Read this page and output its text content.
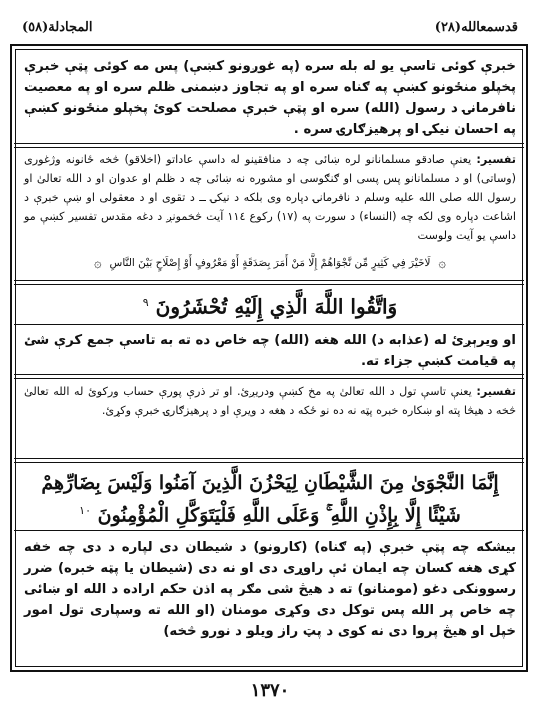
المجادلة(٥٨)	قدسمعالله(٢٨)
خبرې کوئی تاسې یو له بله سره (په غوږونو کښې) پس مه کوئی پټې خبرې پخپلو منځونو کښې په ګناه سره او په تجاوز دښمنی ظلم سره او په معصیت نافرمانۍ د رسول (الله) سره او پټې خبرې مصلحت کوئ پخپلو منځونو کښې په احسان نیکۍ او پرهیزګارۍ سره .
تفسیر: یعنې صادقو مسلمانانو لره ښائی چه د منافقینو له داسې عاداتو (اخلاقو) څخه ځانونه وژغوری (وساتی) او د مسلمانانو پس پسی او ګنګوسی او مشوره نه ښائی چه د ظلم او عدوان او د الله تعالیٰ او رسول الله صلی الله علیه وسلم د نافرمانۍ دپاره وی بلکه د نیکۍ ــ د تقوی او د معقولی او ښې خبرې د اشاعت دپاره وی لکه چه (النساء) د سورت په (١٧) رکوع ١١٤ آیت څخمونږ د دغه مقدس تفسیر کښې مو داسې یو آیت ولوست
۞
لَاخَيْرَ فِي كَثِيرٍ مِّن نَّجْوَاهُمْ إِلَّا مَنْ أَمَرَ بِصَدَقَةٍ أَوْ مَعْرُوفٍ أَوْ إِصْلَاحٍ بَيْنَ النَّاسِ
۞
وَاتَّقُوا اللَّهَ الَّذِي إِلَيْهِ تُحْشَرُونَ $^٩$
او ویرېږئ له (عذابه د) الله هغه (الله) چه خاص ده ته به تاسې جمع کرې شئ په قیامت کښې جزاء ته.
تفسیر: یعنې تاسې تول د الله تعالیٰ په مخ کښې ودریږئ. او تر ذرې پورې حساب ورکوئ له الله تعالیٰ څخه د هیڅا پته او ښکاره خبره پټه نه ده نو ځکه د هغه د ویرې او د پرهیزګارۍ خبرې وکړئ.
إِنَّمَا النَّجْوَىٰ مِنَ الشَّيْطَانِ لِيَحْزُنَ الَّذِينَ آمَنُوا وَلَيْسَ بِضَارِّهِمْ
شَيْئًا إِلَّا بِإِذْنِ اللَّهِ ۚ وَعَلَى اللَّهِ فَلْيَتَوَكَّلِ الْمُؤْمِنُونَ $^{١٠}$
بیشکه چه پټې خبرې (په ګناه) (کارونو) د شیطان دی لپاره د دی چه خفه کړی هغه کسان چه ایمان ئې راوړی دی او نه دی (شیطان یا پټه خبره) ضرر رسوونکی دغو (مومنانو) ته د هیڅ شی مګر په اذن حکم اراده د الله او ښائی چه خاص پر الله پس توکل دی وکړی مومنان (او الله ته وسپاری تول امور خپل او هیڅ پروا دی نه کوی د پټ راز ویلو د نورو څخه)
١٣٧٠
